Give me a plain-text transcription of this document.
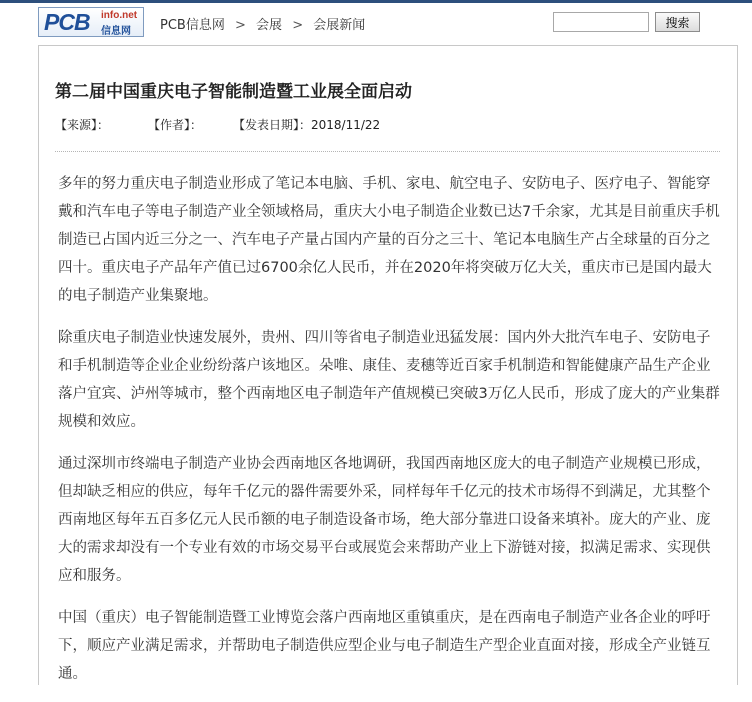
PCB info.net
信息网 PCB信息网 > 会展 > 会展新闻	搜索
第二届中国重庆电子智能制造暨工业展全面启动
【来源】：	【作者】：	【发表日期】：2018/11/22

多年的努力重庆电子制造业形成了笔记本电脑、手机、家电、航空电子、安防电子、医疗电子、智能穿戴和汽车电子等电子制造产业全领域格局，重庆大小电子制造企业数已达7千余家，尤其是目前重庆手机制造已占国内近三分之一、汽车电子产量占国内产量的百分之三十、笔记本电脑生产占全球量的百分之四十。重庆电子产品年产值已过6700余亿人民币，并在2020年将突破万亿大关，重庆市已是国内最大的电子制造产业集聚地。

除重庆电子制造业快速发展外，贵州、四川等省电子制造业迅猛发展：国内外大批汽车电子、安防电子和手机制造等企业企业纷纷落户该地区。朵唯、康佳、麦穗等近百家手机制造和智能健康产品生产企业落户宜宾、泸州等城市，整个西南地区电子制造年产值规模已突破3万亿人民币，形成了庞大的产业集群规模和效应。

通过深圳市终端电子制造产业协会西南地区各地调研，我国西南地区庞大的电子制造产业规模已形成，但却缺乏相应的供应，每年千亿元的器件需要外采，同样每年千亿元的技术市场得不到满足，尤其整个西南地区每年五百多亿元人民币额的电子制造设备市场，绝大部分靠进口设备来填补。庞大的产业、庞大的需求却没有一个专业有效的市场交易平台或展览会来帮助产业上下游链对接，拟满足需求、实现供应和服务。

中国（重庆）电子智能制造暨工业博览会落户西南地区重镇重庆，是在西南电子制造产业各企业的呼吁下，顺应产业满足需求，并帮助电子制造供应型企业与电子制造生产型企业直面对接，形成全产业链互通。
